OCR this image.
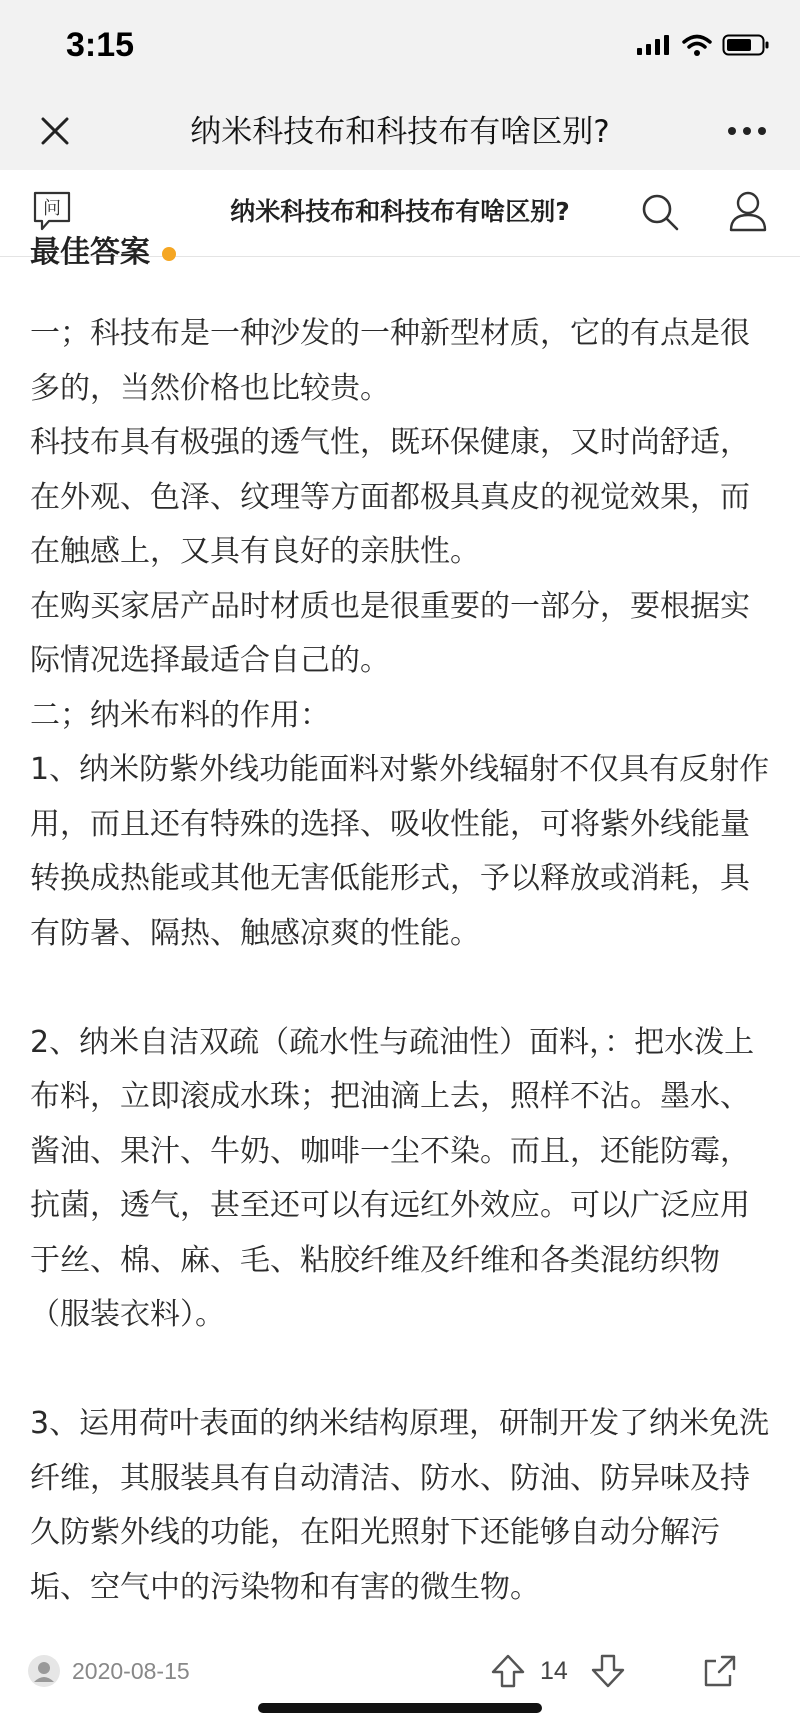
3:15
纳米科技布和科技布有啥区别?
问	纳米科技布和科技布有啥区别?
最佳答案

一；科技布是一种沙发的一种新型材质，它的有点是很多的，当然价格也比较贵。

科技布具有极强的透气性，既环保健康，又时尚舒适，在外观、色泽、纹理等方面都极具真皮的视觉效果，而在触感上，又具有良好的亲肤性。

在购买家居产品时材质也是很重要的一部分，要根据实际情况选择最适合自己的。

二；纳米布料的作用：

1、纳米防紫外线功能面料对紫外线辐射不仅具有反射作用，而且还有特殊的选择、吸收性能，可将紫外线能量转换成热能或其他无害低能形式，予以释放或消耗，具有防暑、隔热、触感凉爽的性能。

2、纳米自洁双疏（疏水性与疏油性）面料，：把水泼上布料，立即滚成水珠；把油滴上去，照样不沾。墨水、酱油、果汁、牛奶、咖啡一尘不染。而且，还能防霉，抗菌，透气，甚至还可以有远红外效应。可以广泛应用于丝、棉、麻、毛、粘胶纤维及纤维和各类混纺织物（服装衣料）。

3、运用荷叶表面的纳米结构原理，研制开发了纳米免洗纤维，其服装具有自动清洁、防水、防油、防异味及持久防紫外线的功能，在阳光照射下还能够自动分解污垢、空气中的污染物和有害的微生物。

2020-08-15	14
